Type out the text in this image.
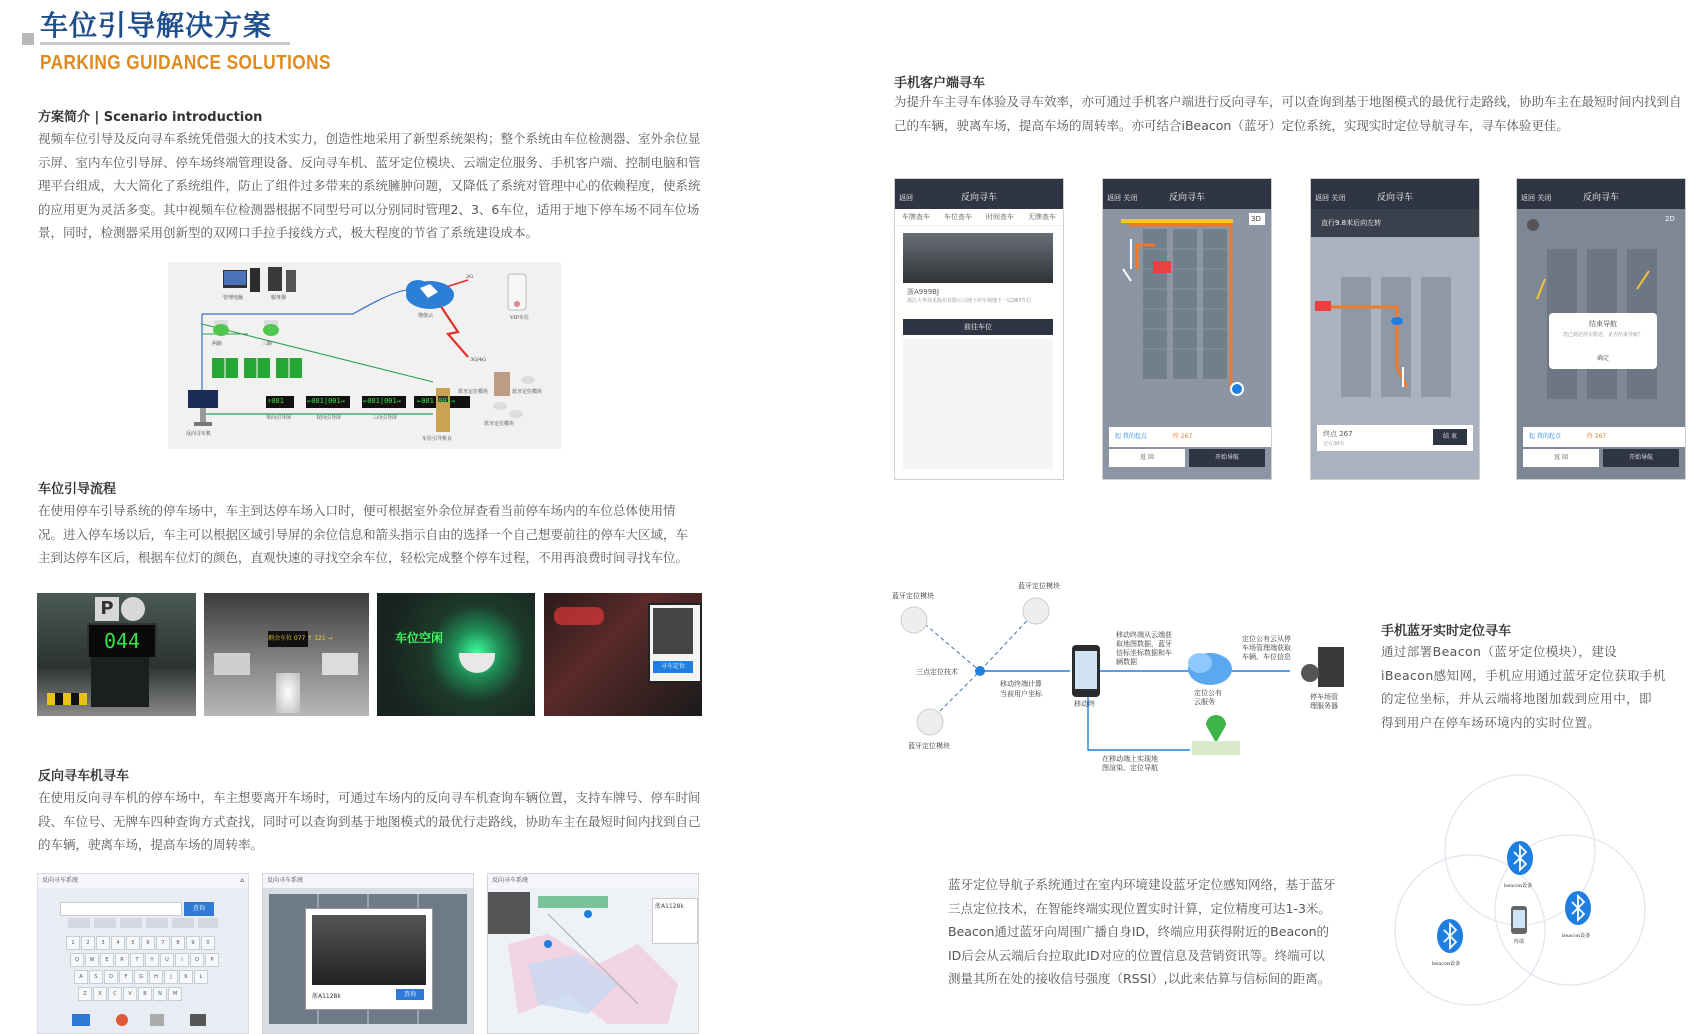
车位引导解决方案
PARKING GUIDANCE SOLUTIONS
方案简介 | Scenario introduction
视频车位引导及反向寻车系统凭借强大的技术实力，创造性地采用了新型系统架构；整个系统由车位检测器、室外余位显
示屏、室内车位引导屏、停车场终端管理设备、反向寻车机、蓝牙定位模块、云端定位服务、手机客户端、控制电脑和管
理平台组成，大大简化了系统组件，防止了组件过多带来的系统臃肿问题，又降低了系统对管理中心的依赖程度，使系统
的应用更为灵活多变。其中视频车位检测器根据不同型号可以分别同时管理2、3、6车位，适用于地下停车场不同车位场
景，同时，检测器采用创新型的双网口手拉手接线方式，极大程度的节省了系统建设成本。
管理电脑	服务器
增值云	VIP车位
2G
3G/4G
两路	三路
反向寻车机
单向引导屏	双向引导屏	三向引导屏
车位引导机台
蓝牙定位模块	蓝牙定位模块
蓝牙定位模块
↑001	←001|001→	←001|001→ ←001 001→
车位引导流程
在使用停车引导系统的停车场中，车主到达停车场入口时，便可根据室外余位屏查看当前停车场内的车位总体使用情
况。进入停车场以后，车主可以根据区域引导屏的余位信息和箭头指示自由的选择一个自己想要前往的停车大区域，车
主到达停车区后，根据车位灯的颜色，直观快速的寻找空余车位，轻松完成整个停车过程，不用再浪费时间寻找车位。
P
044	剩余车位 077 ↑ 121 →	车位空闲
寻车定位
反向寻车机寻车
在使用反向寻车机的停车场中，车主想要离开车场时，可通过车场内的反向寻车机查询车辆位置，支持车牌号、停车时间
段、车位号、无牌车四种查询方式查找，同时可以查询到基于地图模式的最优行走路线，协助车主在最短时间内找到自己
的车辆，驶离车场，提高车场的周转率。
反向寻车系统	⌂
查询
1	2	3	4	5	6	7	8	9	0
Q	W	E	R	T	Y	U	I	O	P
A	S	D	F	G	H	J	K	L
Z	X	C	V	B	N	M
反向寻车系统
浙A1128k	查询
反向寻车系统
浙A1128k
手机客户端寻车
为提升车主寻车体验及寻车效率，亦可通过手机客户端进行反向寻车，可以查询到基于地图模式的最优行走路线，协助车主在最短时间内找到自
己的车辆，驶离车场，提高车场的周转率。亦可结合iBeacon（蓝牙）定位系统，实现实时定位导航寻车，寻车体验更佳。
返回	反向寻车
车牌查车 车位查车 时间查车 无牌查车
浙A999BJ
浙江大华技术股份有限公司地下停车场地下一层267车位
前往车位
返回 关闭	反向寻车
3D
起 我的起点	终 267
返 回	开始导航
返回 关闭	反向寻车
直行9.8米后向左转
终点 267
还有38米
结 束
返回 关闭	反向寻车
2D
结束导航
您已到达停车附近，是否结束导航？
确定
起 我的起点	终 267
返 回	开始导航
蓝牙定位模块
蓝牙定位模块
蓝牙定位模块
三点定位技术
移动终端计算
当前用户坐标
移动终
移动终端从云端获
取地图数据，蓝牙
信标坐标数据和车
辆数据
定位公有
云服务
定位公有云从停
车场管理端获取
车辆、车位信息
停车场管
理服务器
在移动端上实现地
图渲染、定位导航
手机蓝牙实时定位寻车
通过部署Beacon（蓝牙定位模块），建设
iBeacon感知网，手机应用通过蓝牙定位获取手机
的定位坐标，并从云端将地图加载到应用中，即
得到用户在停车场环境内的实时位置。
蓝牙定位导航子系统通过在室内环境建设蓝牙定位感知网络，基于蓝牙
三点定位技术，在智能终端实现位置实时计算，定位精度可达1-3米。
Beacon通过蓝牙向周围广播自身ID，终端应用获得附近的Beacon的
ID后会从云端后台拉取此ID对应的位置信息及营销资讯等。终端可以
测量其所在处的接收信号强度（RSSI）,以此来估算与信标间的距离。
beacon设备
beacon设备
beacon设备
终端
